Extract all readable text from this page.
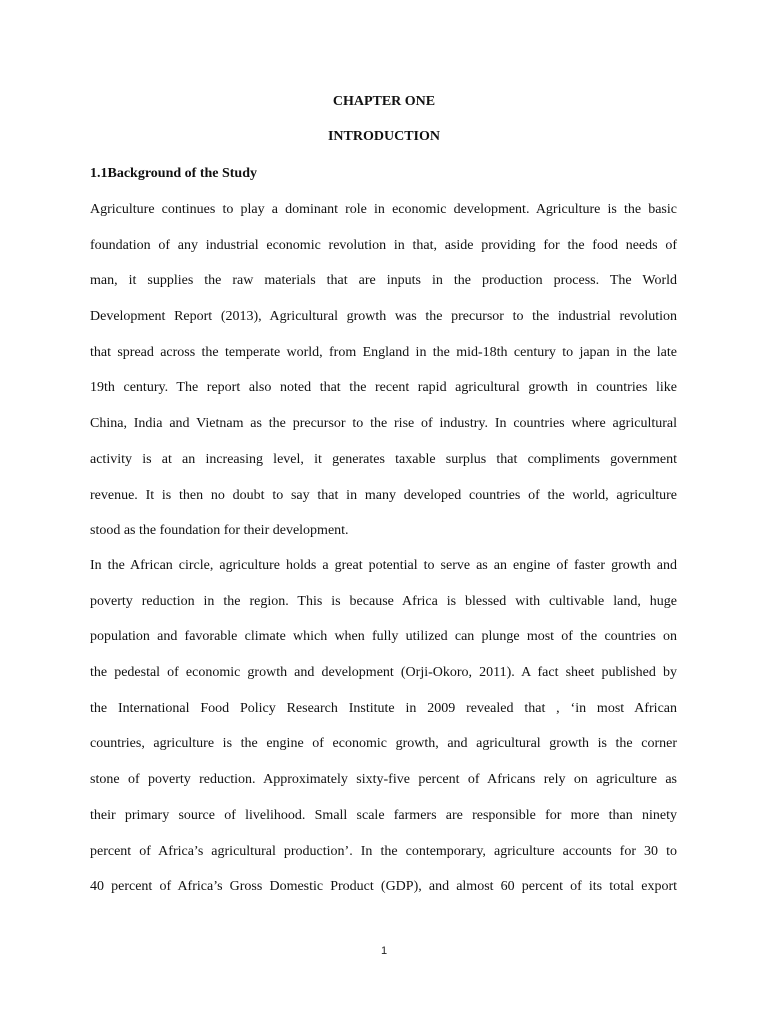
CHAPTER ONE
INTRODUCTION
1.1Background of the Study
Agriculture continues to play a dominant role in economic development. Agriculture is the basic
foundation of any industrial economic revolution in that, aside providing for the food needs of
man, it supplies the raw materials that are inputs in the production process. The World
Development Report (2013), Agricultural growth was the precursor to the industrial revolution
that spread across the temperate world, from England in the mid-18th century to japan in the late
19th century. The report also noted that the recent rapid agricultural growth in countries like
China, India and Vietnam as the precursor to the rise of industry. In countries where agricultural
activity is at an increasing level, it generates taxable surplus that compliments government
revenue. It is then no doubt to say that in many developed countries of the world, agriculture
stood as the foundation for their development.
In the African circle, agriculture holds a great potential to serve as an engine of faster growth and
poverty reduction in the region. This is because Africa is blessed with cultivable land, huge
population and favorable climate which when fully utilized can plunge most of the countries on
the pedestal of economic growth and development (Orji-Okoro, 2011). A fact sheet published by
the International Food Policy Research Institute in 2009 revealed that , ‘in most African
countries, agriculture is the engine of economic growth, and agricultural growth is the corner
stone of poverty reduction. Approximately sixty-five percent of Africans rely on agriculture as
their primary source of livelihood. Small scale farmers are responsible for more than ninety
percent of Africa’s agricultural production’. In the contemporary, agriculture accounts for 30 to
40 percent of Africa’s Gross Domestic Product (GDP), and almost 60 percent of its total export
1
